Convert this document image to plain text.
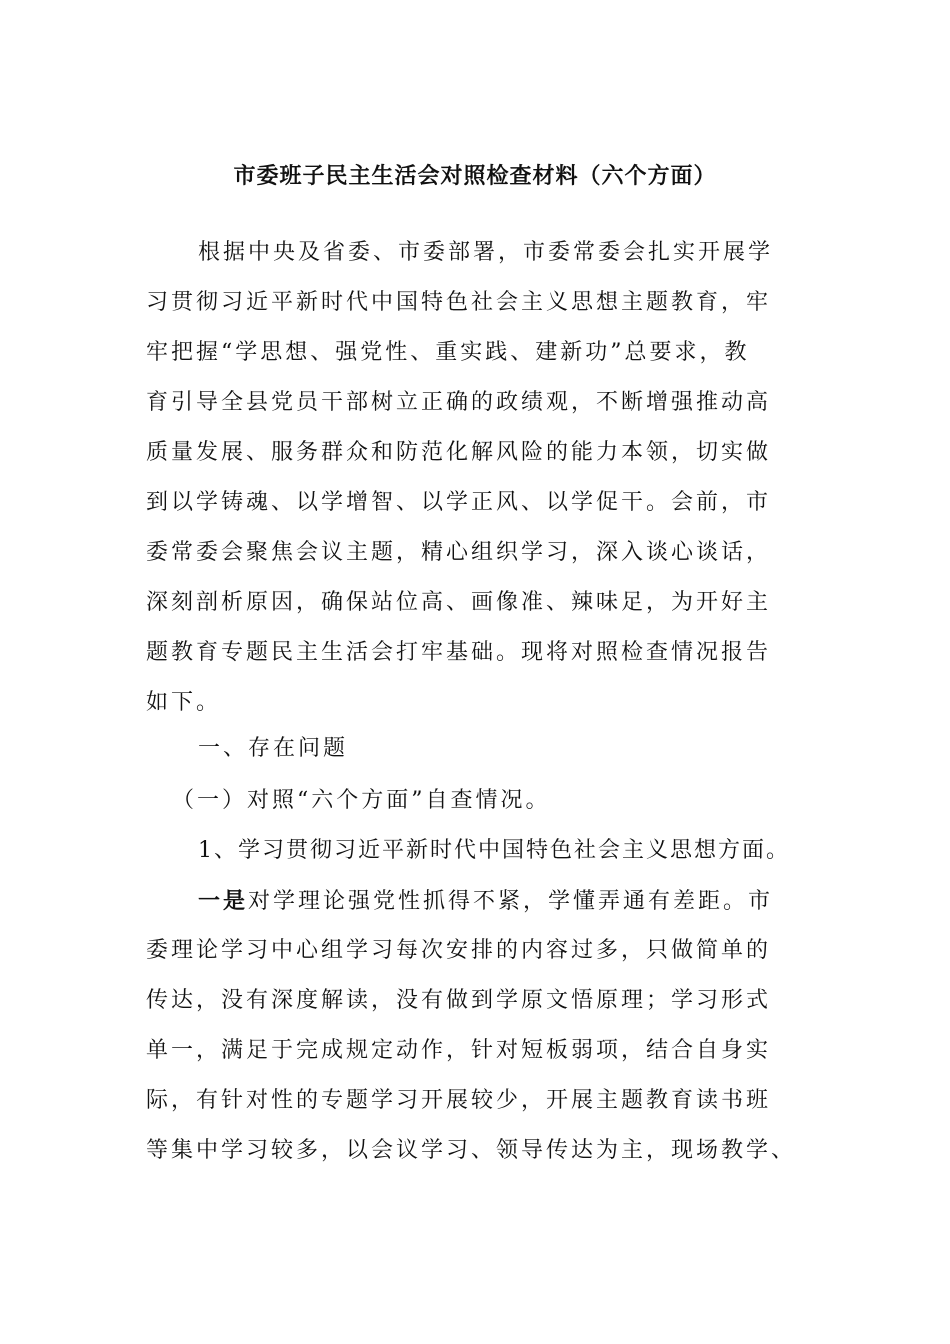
市委班子民主生活会对照检查材料（六个方面）
根据中央及省委、市委部署，市委常委会扎实开展学
习贯彻习近平新时代中国特色社会主义思想主题教育，牢
牢把握“学思想、强党性、重实践、建新功”总要求，教
育引导全县党员干部树立正确的政绩观，不断增强推动高
质量发展、服务群众和防范化解风险的能力本领，切实做
到以学铸魂、以学增智、以学正风、以学促干。会前，市
委常委会聚焦会议主题，精心组织学习，深入谈心谈话，
深刻剖析原因，确保站位高、画像准、辣味足，为开好主
题教育专题民主生活会打牢基础。现将对照检查情况报告
如下。
一、存在问题
（一）对照“六个方面”自查情况。
1、学习贯彻习近平新时代中国特色社会主义思想方面。
一是对学理论强党性抓得不紧，学懂弄通有差距。市
委理论学习中心组学习每次安排的内容过多，只做简单的
传达，没有深度解读，没有做到学原文悟原理；学习形式
单一，满足于完成规定动作，针对短板弱项，结合自身实
际，有针对性的专题学习开展较少，开展主题教育读书班
等集中学习较多，以会议学习、领导传达为主，现场教学、
